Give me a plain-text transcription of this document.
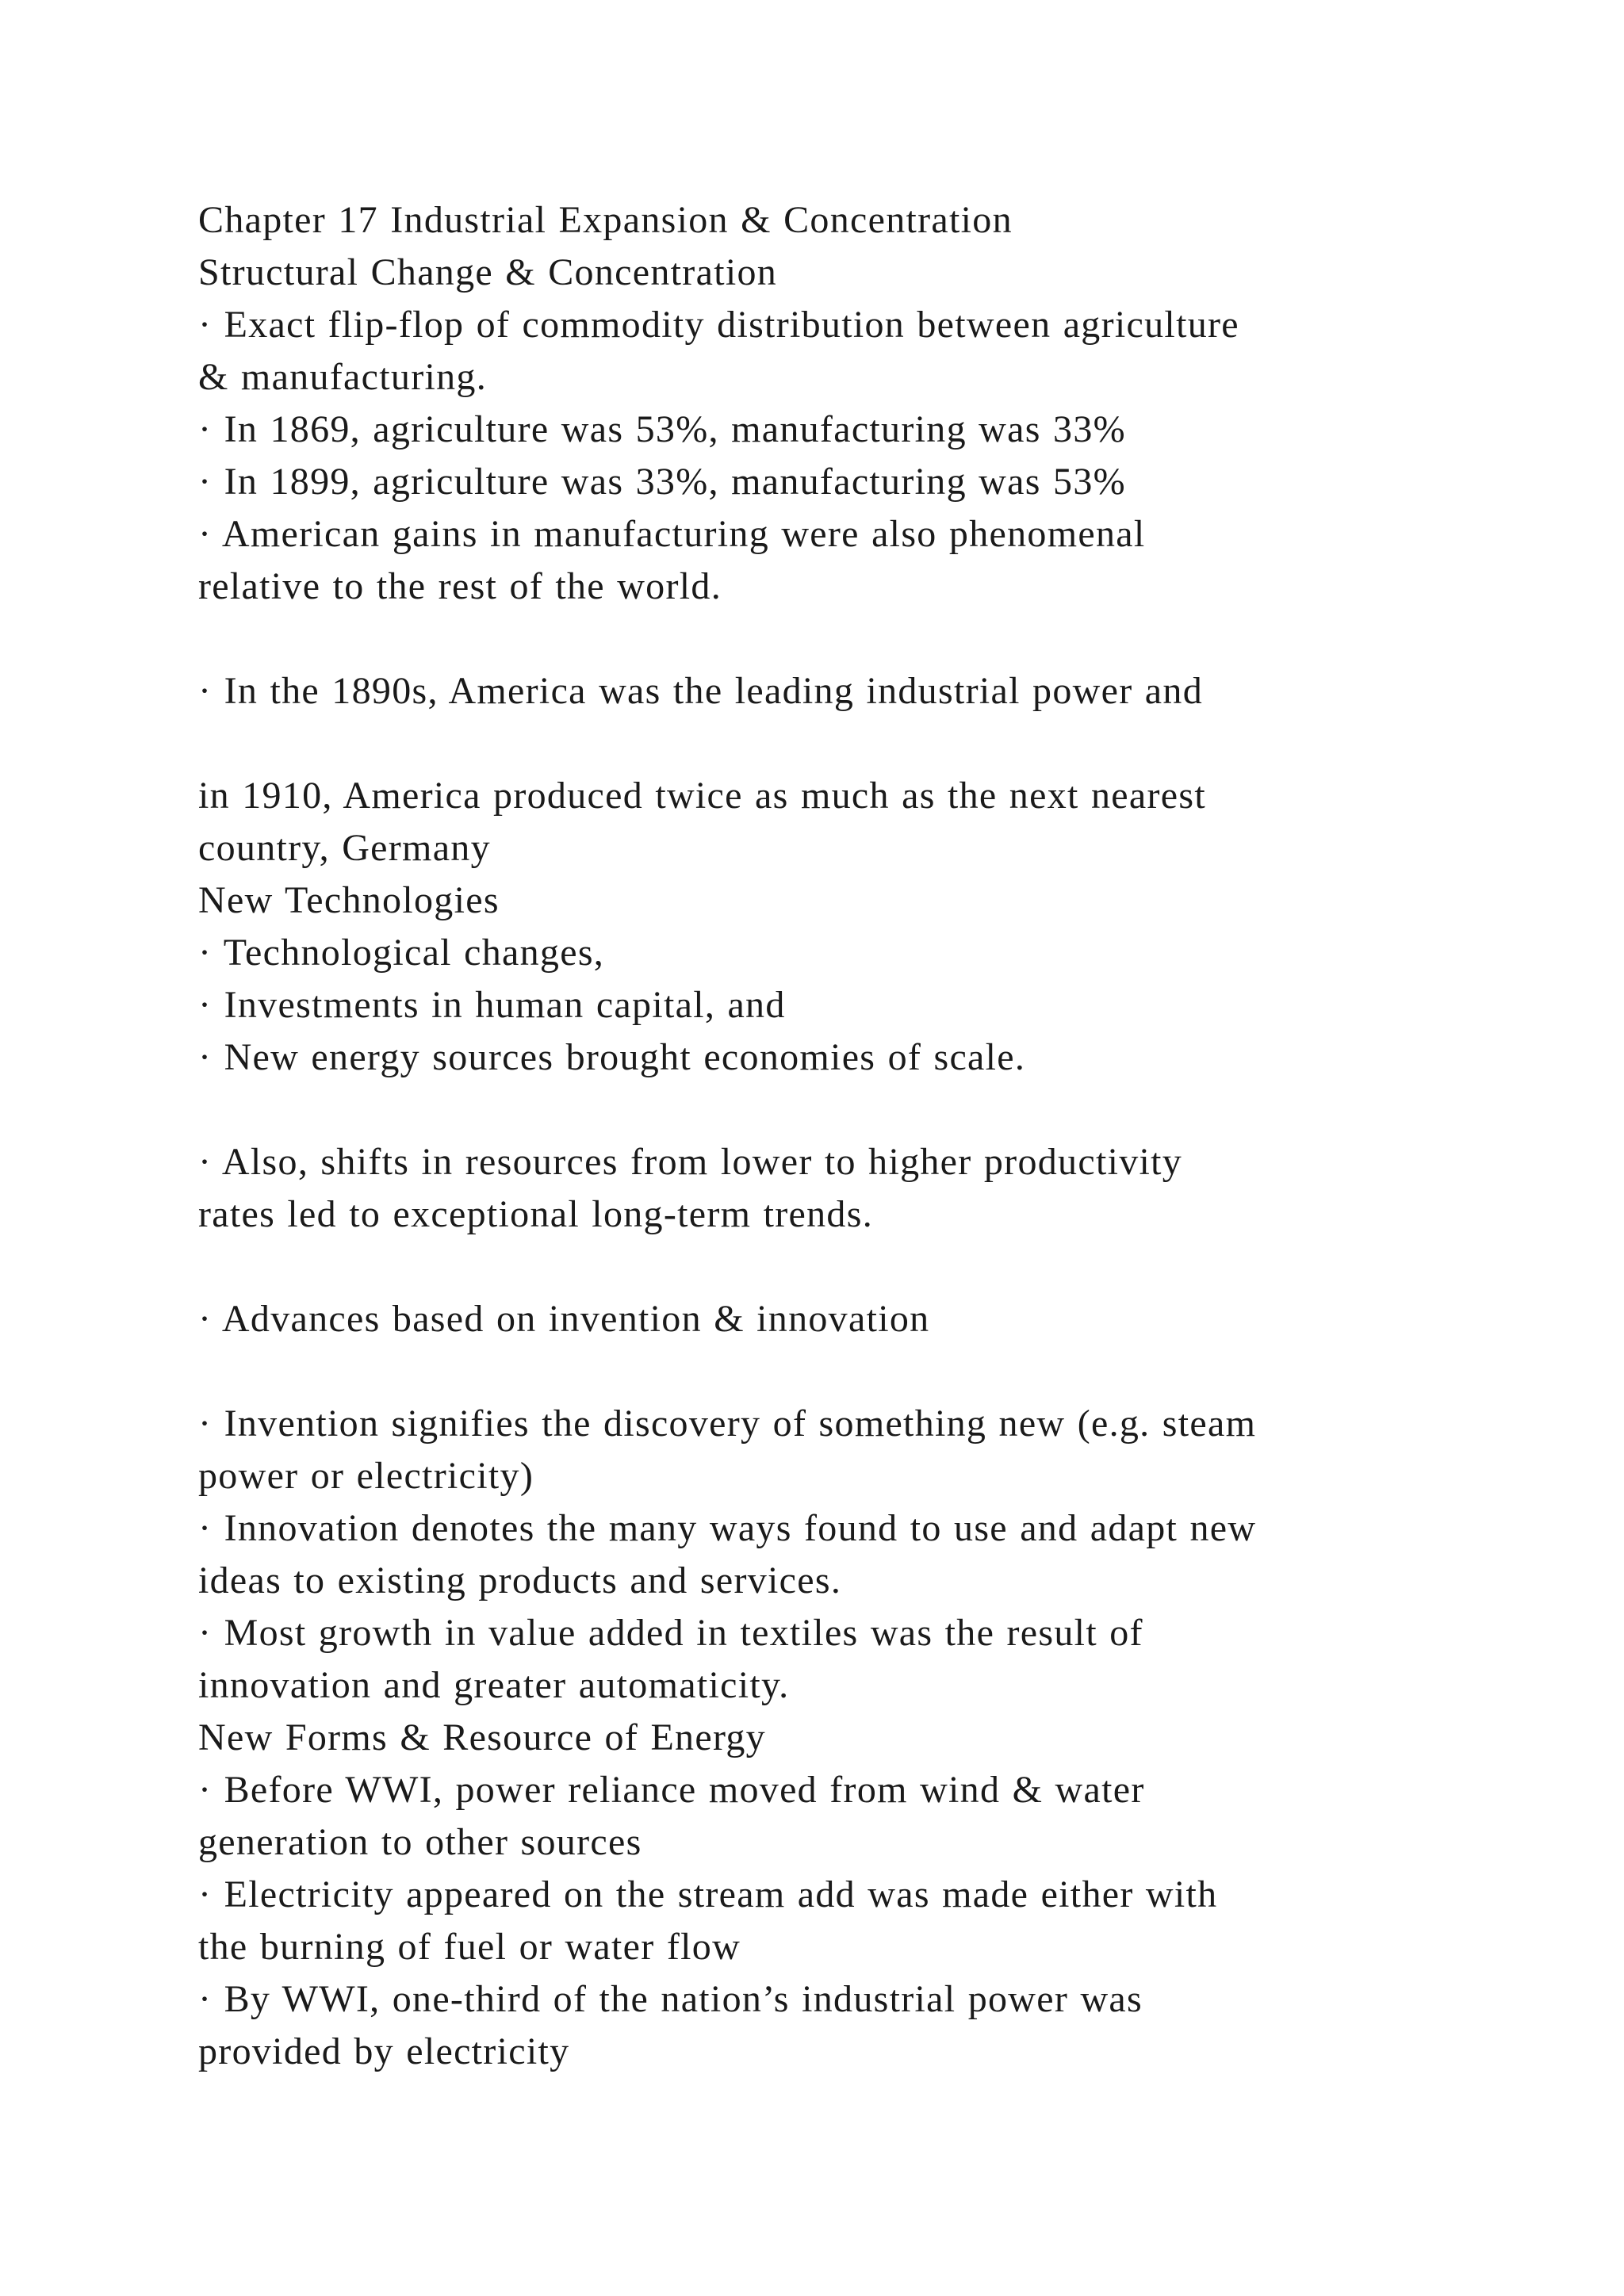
Chapter 17 Industrial Expansion & Concentration
Structural Change & Concentration
· Exact flip-flop of commodity distribution between agriculture
& manufacturing.
· In 1869, agriculture was 53%, manufacturing was 33%
· In 1899, agriculture was 33%, manufacturing was 53%
· American gains in manufacturing were also phenomenal
relative to the rest of the world.
· In the 1890s, America was the leading industrial power and
in 1910, America produced twice as much as the next nearest
country, Germany
New Technologies
· Technological changes,
· Investments in human capital, and
· New energy sources brought economies of scale.
· Also, shifts in resources from lower to higher productivity
rates led to exceptional long-term trends.
· Advances based on invention & innovation
· Invention signifies the discovery of something new (e.g. steam
power or electricity)
· Innovation denotes the many ways found to use and adapt new
ideas to existing products and services.
· Most growth in value added in textiles was the result of
innovation and greater automaticity.
New Forms & Resource of Energy
· Before WWI, power reliance moved from wind & water
generation to other sources
· Electricity appeared on the stream add was made either with
the burning of fuel or water flow
· By WWI, one-third of the nation’s industrial power was
provided by electricity
